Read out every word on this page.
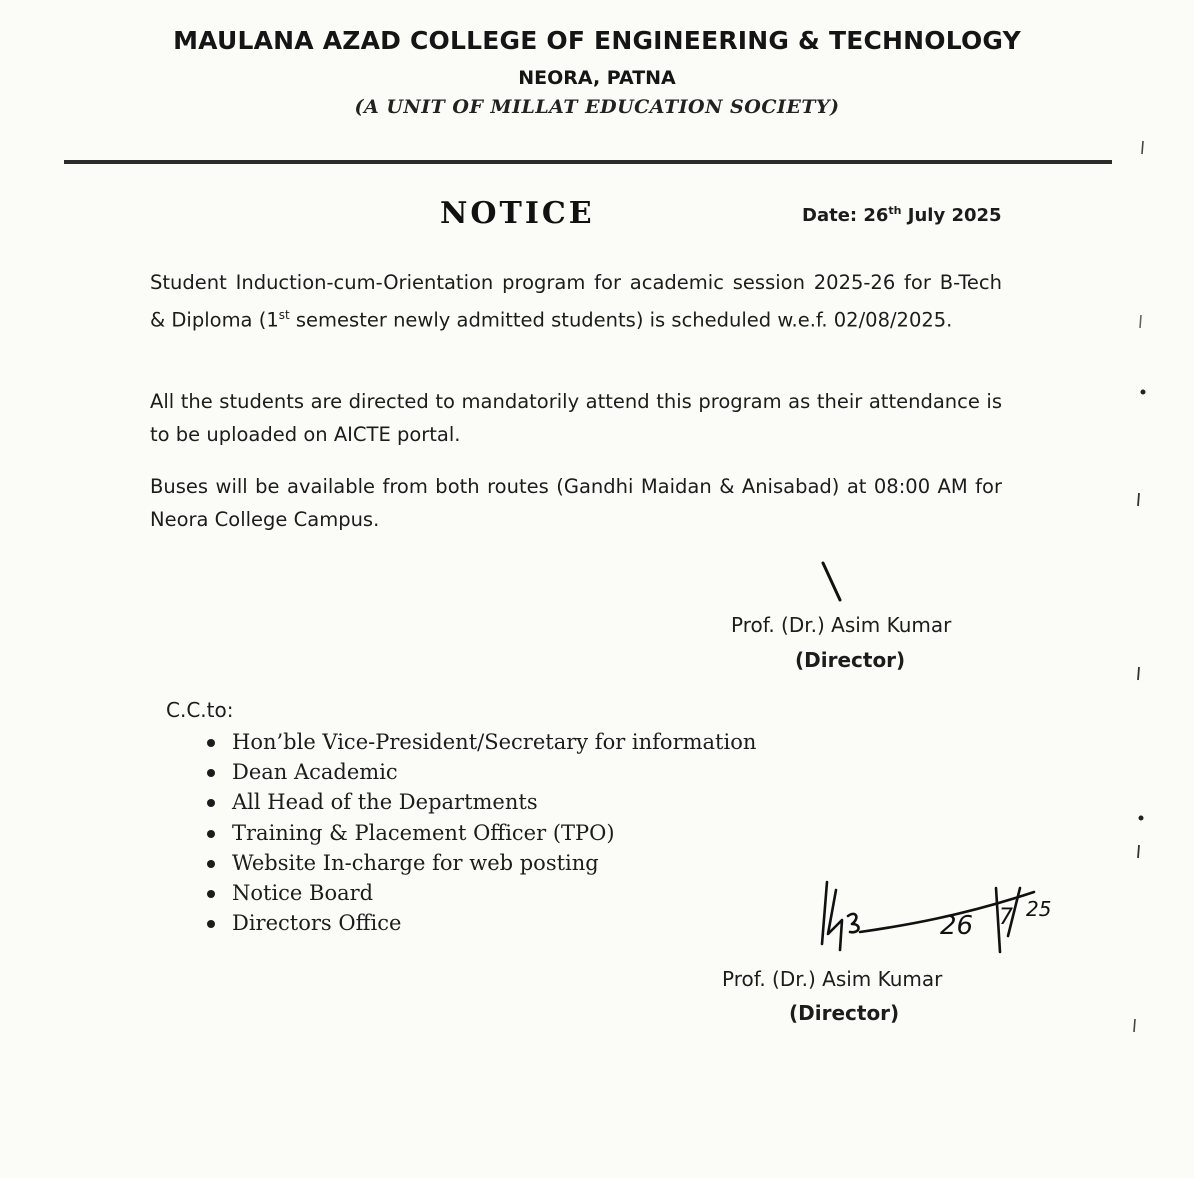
MAULANA AZAD COLLEGE OF ENGINEERING & TECHNOLOGY
NEORA, PATNA
(A UNIT OF MILLAT EDUCATION SOCIETY)
NOTICE	Date: 26th July 2025
Student Induction-cum-Orientation program for academic session 2025-26 for B-Tech & Diploma (1st semester newly admitted students) is scheduled w.e.f. 02/08/2025.
All the students are directed to mandatorily attend this program as their attendance is to be uploaded on AICTE portal.
Buses will be available from both routes (Gandhi Maidan & Anisabad) at 08:00 AM for Neora College Campus.
Prof. (Dr.) Asim Kumar
(Director)
C.C.to:
Hon’ble Vice-President/Secretary for information
Dean Academic
All Head of the Departments
Training & Placement Officer (TPO)
Website In-charge for web posting
Notice Board
Directors Office	26 7 25
Prof. (Dr.) Asim Kumar
(Director)
